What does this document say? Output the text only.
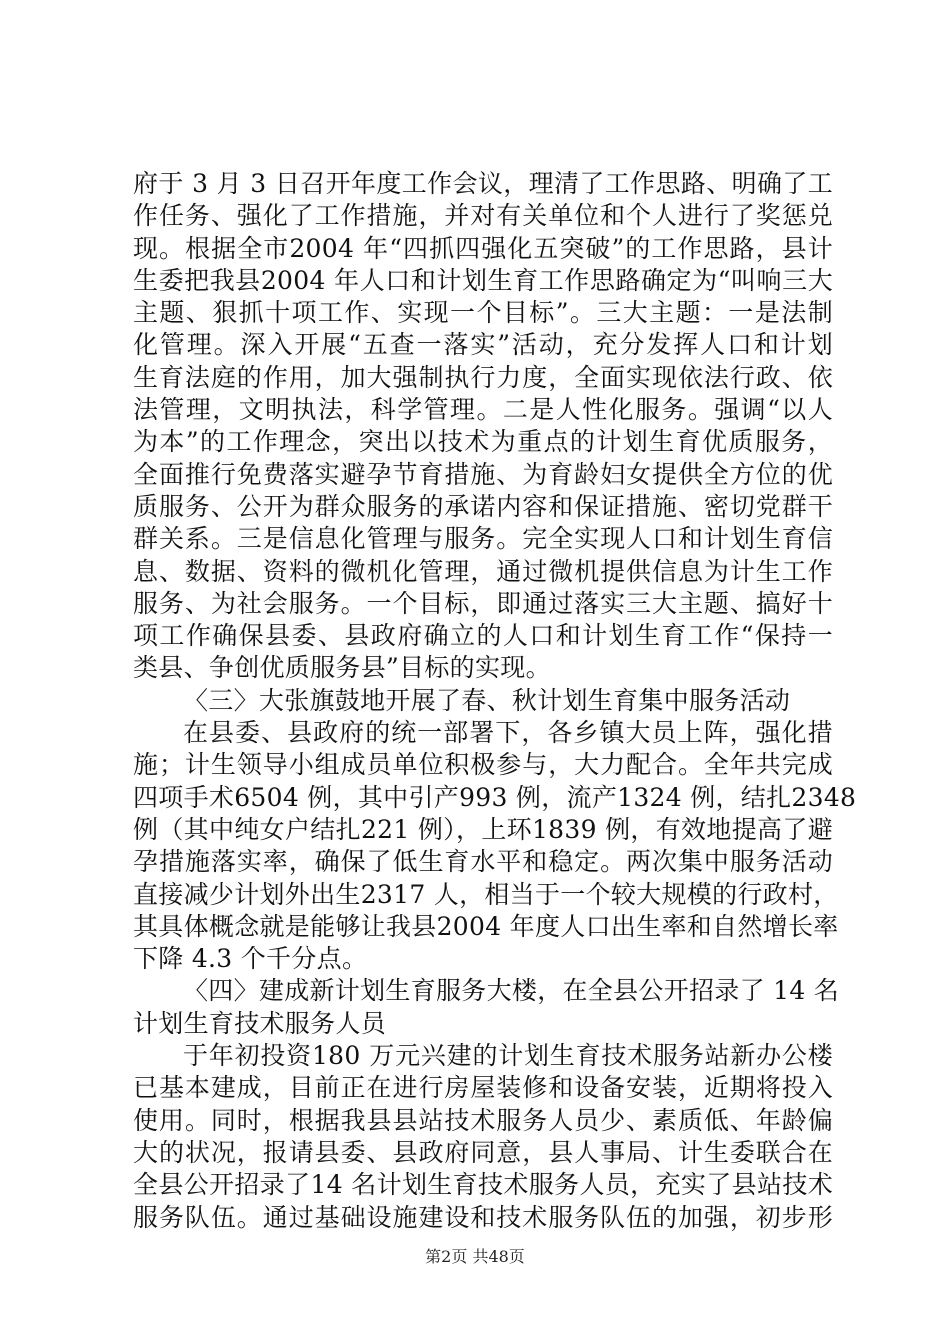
府于 3 月 3 日召开年度工作会议，理清了工作思路、明确了工
作任务、强化了工作措施，并对有关单位和个人进行了奖惩兑
现。根据全市2004 年“四抓四强化五突破”的工作思路，县计
生委把我县2004 年人口和计划生育工作思路确定为“叫响三大
主题、狠抓十项工作、实现一个目标”。三大主题：一是法制
化管理。深入开展“五查一落实”活动，充分发挥人口和计划
生育法庭的作用，加大强制执行力度，全面实现依法行政、依
法管理，文明执法，科学管理。二是人性化服务。强调“以人
为本”的工作理念，突出以技术为重点的计划生育优质服务，
全面推行免费落实避孕节育措施、为育龄妇女提供全方位的优
质服务、公开为群众服务的承诺内容和保证措施、密切党群干
群关系。三是信息化管理与服务。完全实现人口和计划生育信
息、数据、资料的微机化管理，通过微机提供信息为计生工作
服务、为社会服务。一个目标，即通过落实三大主题、搞好十
项工作确保县委、县政府确立的人口和计划生育工作“保持一
类县、争创优质服务县”目标的实现。
〈三〉大张旗鼓地开展了春、秋计划生育集中服务活动
在县委、县政府的统一部署下，各乡镇大员上阵，强化措
施；计生领导小组成员单位积极参与，大力配合。全年共完成
四项手术6504 例，其中引产993 例，流产1324 例，结扎2348
例（其中纯女户结扎221 例），上环1839 例，有效地提高了避
孕措施落实率，确保了低生育水平和稳定。两次集中服务活动
直接减少计划外出生2317 人，相当于一个较大规模的行政村，
其具体概念就是能够让我县2004 年度人口出生率和自然增长率
下降 4.3 个千分点。
〈四〉建成新计划生育服务大楼，在全县公开招录了 14 名
计划生育技术服务人员
于年初投资180 万元兴建的计划生育技术服务站新办公楼
已基本建成，目前正在进行房屋装修和设备安装，近期将投入
使用。同时，根据我县县站技术服务人员少、素质低、年龄偏
大的状况，报请县委、县政府同意，县人事局、计生委联合在
全县公开招录了14 名计划生育技术服务人员，充实了县站技术
服务队伍。通过基础设施建设和技术服务队伍的加强，初步形
第2页 共48页
